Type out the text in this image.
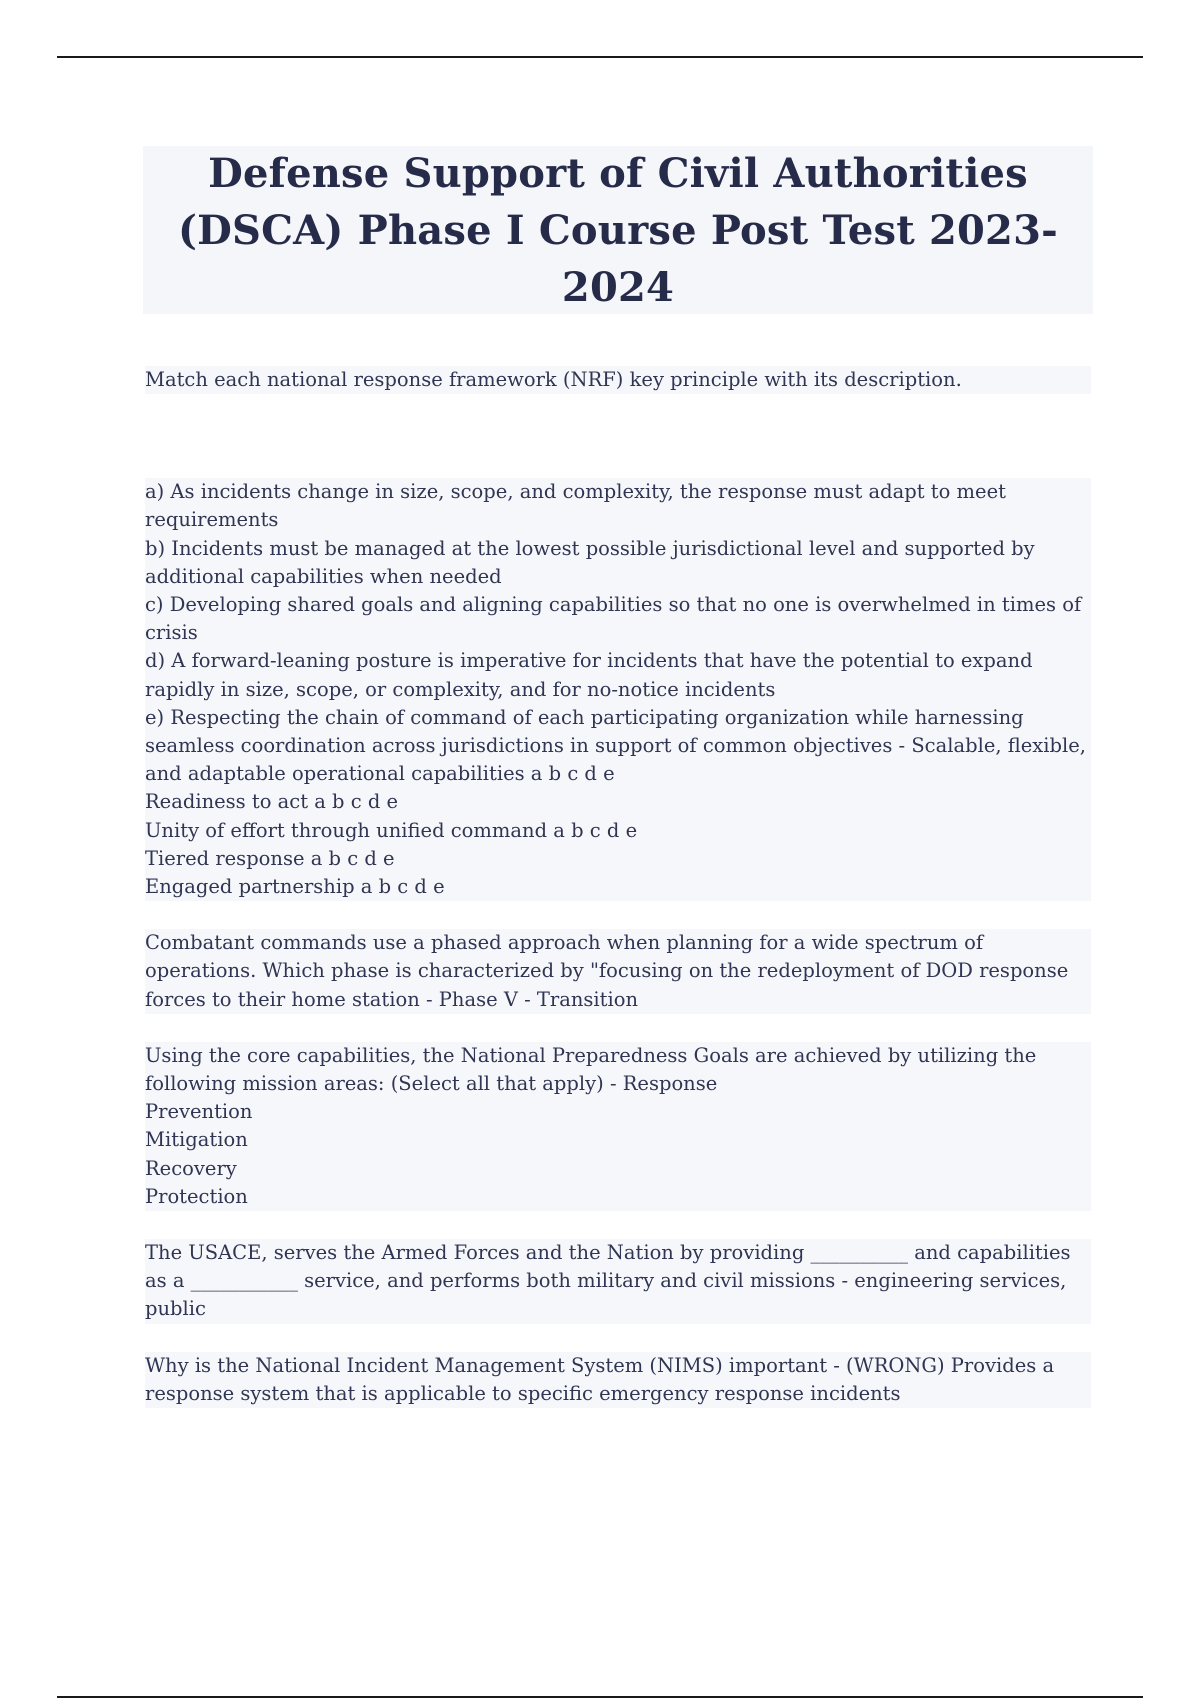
Defense Support of Civil Authorities (DSCA) Phase I Course Post Test 2023-2024

Match each national response framework (NRF) key principle with its description.

a) As incidents change in size, scope, and complexity, the response must adapt to meet requirements

b) Incidents must be managed at the lowest possible jurisdictional level and supported by additional capabilities when needed

c) Developing shared goals and aligning capabilities so that no one is overwhelmed in times of crisis

d) A forward-leaning posture is imperative for incidents that have the potential to expand rapidly in size, scope, or complexity, and for no-notice incidents

e) Respecting the chain of command of each participating organization while harnessing seamless coordination across jurisdictions in support of common objectives - Scalable, flexible, and adaptable operational capabilities a b c d e

Readiness to act a b c d e

Unity of effort through unified command a b c d e

Tiered response a b c d e

Engaged partnership a b c d e

Combatant commands use a phased approach when planning for a wide spectrum of operations. Which phase is characterized by "focusing on the redeployment of DOD response forces to their home station - Phase V - Transition

Using the core capabilities, the National Preparedness Goals are achieved by utilizing the following mission areas: (Select all that apply) - Response

Prevention

Mitigation

Recovery

Protection

The USACE, serves the Armed Forces and the Nation by providing __________ and capabilities as a ___________ service, and performs both military and civil missions - engineering services, public

Why is the National Incident Management System (NIMS) important - (WRONG) Provides a response system that is applicable to specific emergency response incidents
